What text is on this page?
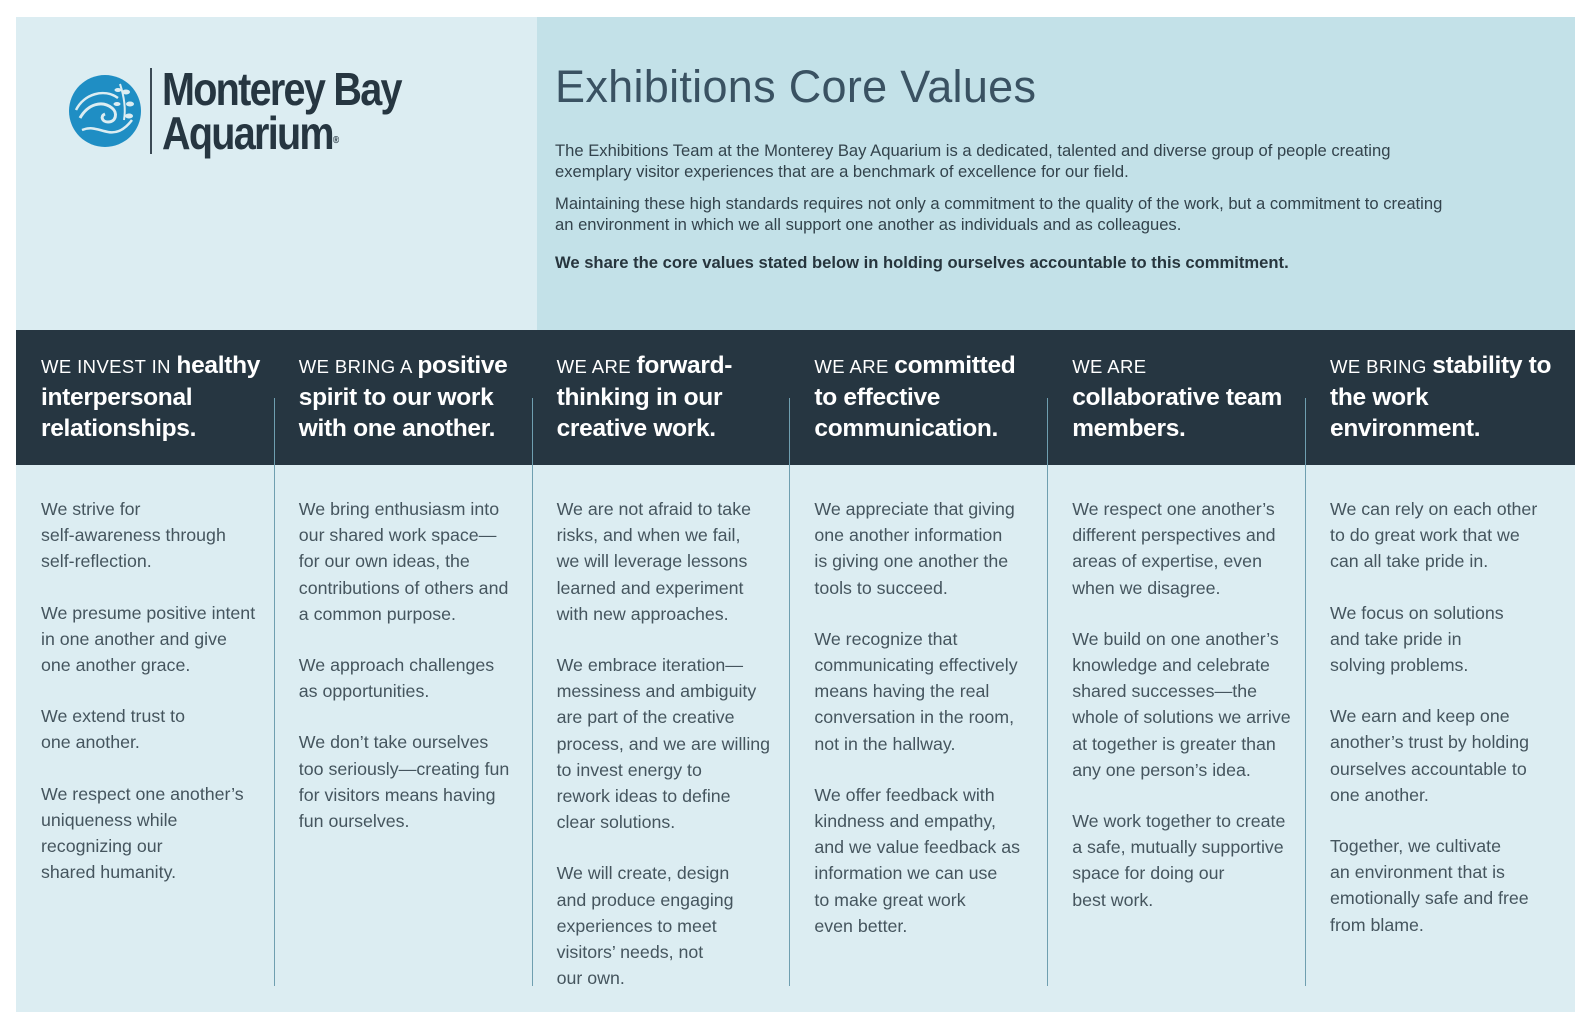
Monterey Bay
Aquarium®
Exhibitions Core Values

The Exhibitions Team at the Monterey Bay Aquarium is a dedicated, talented and diverse group of people creating exemplary visitor experiences that are a benchmark of excellence for our field.

Maintaining these high standards requires not only a commitment to the quality of the work, but a commitment to creating an environment in which we all support one another as individuals and as colleagues.

We share the core values stated below in holding ourselves accountable to this commitment.

WE INVEST IN healthy interpersonal relationships.

We strive for
self-awareness through
self-reflection.

We presume positive intent
in one another and give
one another grace.

We extend trust to
one another.

We respect one another’s
uniqueness while
recognizing our
shared humanity.

WE BRING A positive spirit to our work with one another.

We bring enthusiasm into
our shared work space—
for our own ideas, the
contributions of others and
a common purpose.

We approach challenges
as opportunities.

We don’t take ourselves
too seriously—creating fun
for visitors means having
fun ourselves.

WE ARE forward-thinking in our creative work.

We are not afraid to take
risks, and when we fail,
we will leverage lessons
learned and experiment
with new approaches.

We embrace iteration—
messiness and ambiguity
are part of the creative
process, and we are willing
to invest energy to
rework ideas to define
clear solutions.

We will create, design
and produce engaging
experiences to meet
visitors’ needs, not
our own.

WE ARE committed to effective communication.

We appreciate that giving
one another information
is giving one another the
tools to succeed.

We recognize that
communicating effectively
means having the real
conversation in the room,
not in the hallway.

We offer feedback with
kindness and empathy,
and we value feedback as
information we can use
to make great work
even better.

WE ARE
collaborative team members.

We respect one another’s
different perspectives and
areas of expertise, even
when we disagree.

We build on one another’s
knowledge and celebrate
shared successes—the
whole of solutions we arrive
at together is greater than
any one person’s idea.

We work together to create
a safe, mutually supportive
space for doing our
best work.

WE BRING stability to the work environment.

We can rely on each other
to do great work that we
can all take pride in.

We focus on solutions
and take pride in
solving problems.

We earn and keep one
another’s trust by holding
ourselves accountable to
one another.

Together, we cultivate
an environment that is
emotionally safe and free
from blame.
